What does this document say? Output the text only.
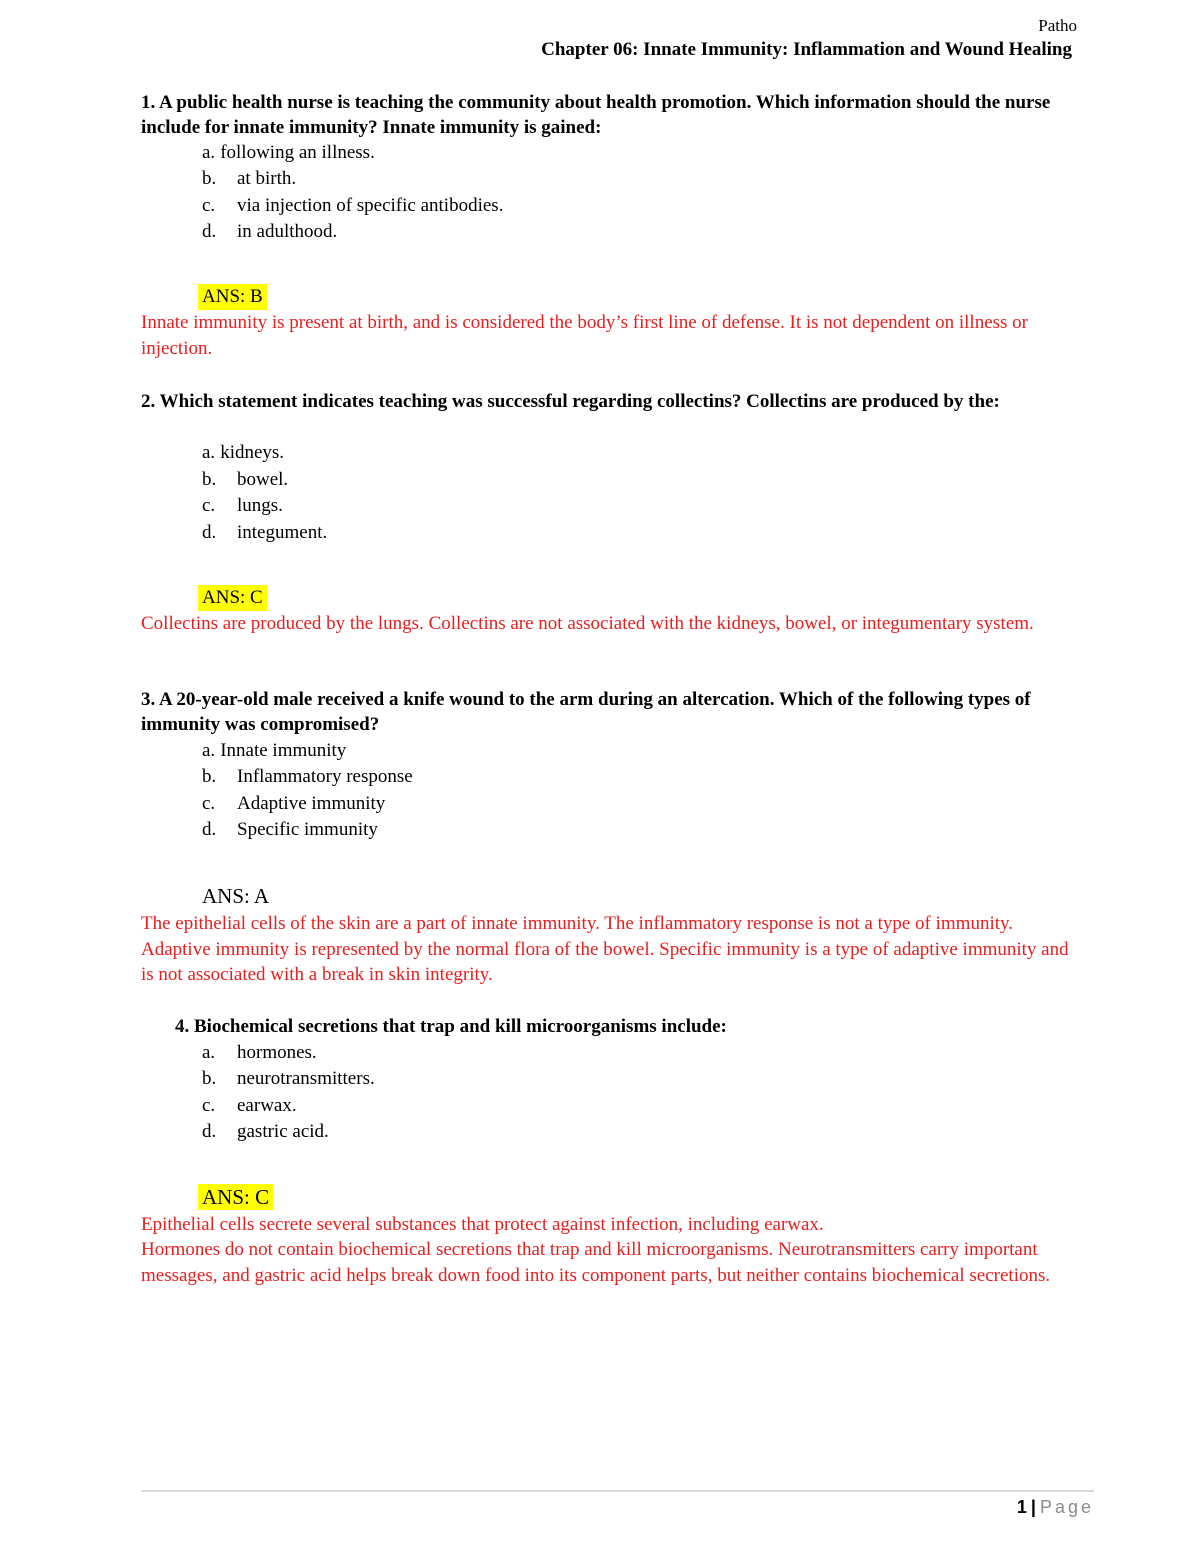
Patho
Chapter 06: Innate Immunity: Inflammation and Wound Healing
1. A public health nurse is teaching the community about health promotion. Which information should the nurse include for innate immunity? Innate immunity is gained:
a. following an illness.
b. at birth.
c. via injection of specific antibodies.
d. in adulthood.
ANS: B
Innate immunity is present at birth, and is considered the body’s first line of defense. It is not dependent on illness or injection.
2. Which statement indicates teaching was successful regarding collectins? Collectins are produced by the:
a. kidneys.
b. bowel.
c. lungs.
d. integument.
ANS: C
Collectins are produced by the lungs. Collectins are not associated with the kidneys, bowel, or integumentary system.
3. A 20-year-old male received a knife wound to the arm during an altercation. Which of the following types of immunity was compromised?
a. Innate immunity
b. Inflammatory response
c. Adaptive immunity
d. Specific immunity
ANS: A
The epithelial cells of the skin are a part of innate immunity. The inflammatory response is not a type of immunity. Adaptive immunity is represented by the normal flora of the bowel. Specific immunity is a type of adaptive immunity and is not associated with a break in skin integrity.
4. Biochemical secretions that trap and kill microorganisms include:
a. hormones.
b. neurotransmitters.
c. earwax.
d. gastric acid.
ANS: C
Epithelial cells secrete several substances that protect against infection, including earwax.
Hormones do not contain biochemical secretions that trap and kill microorganisms. Neurotransmitters carry important messages, and gastric acid helps break down food into its component parts, but neither contains biochemical secretions.
1 | Page
